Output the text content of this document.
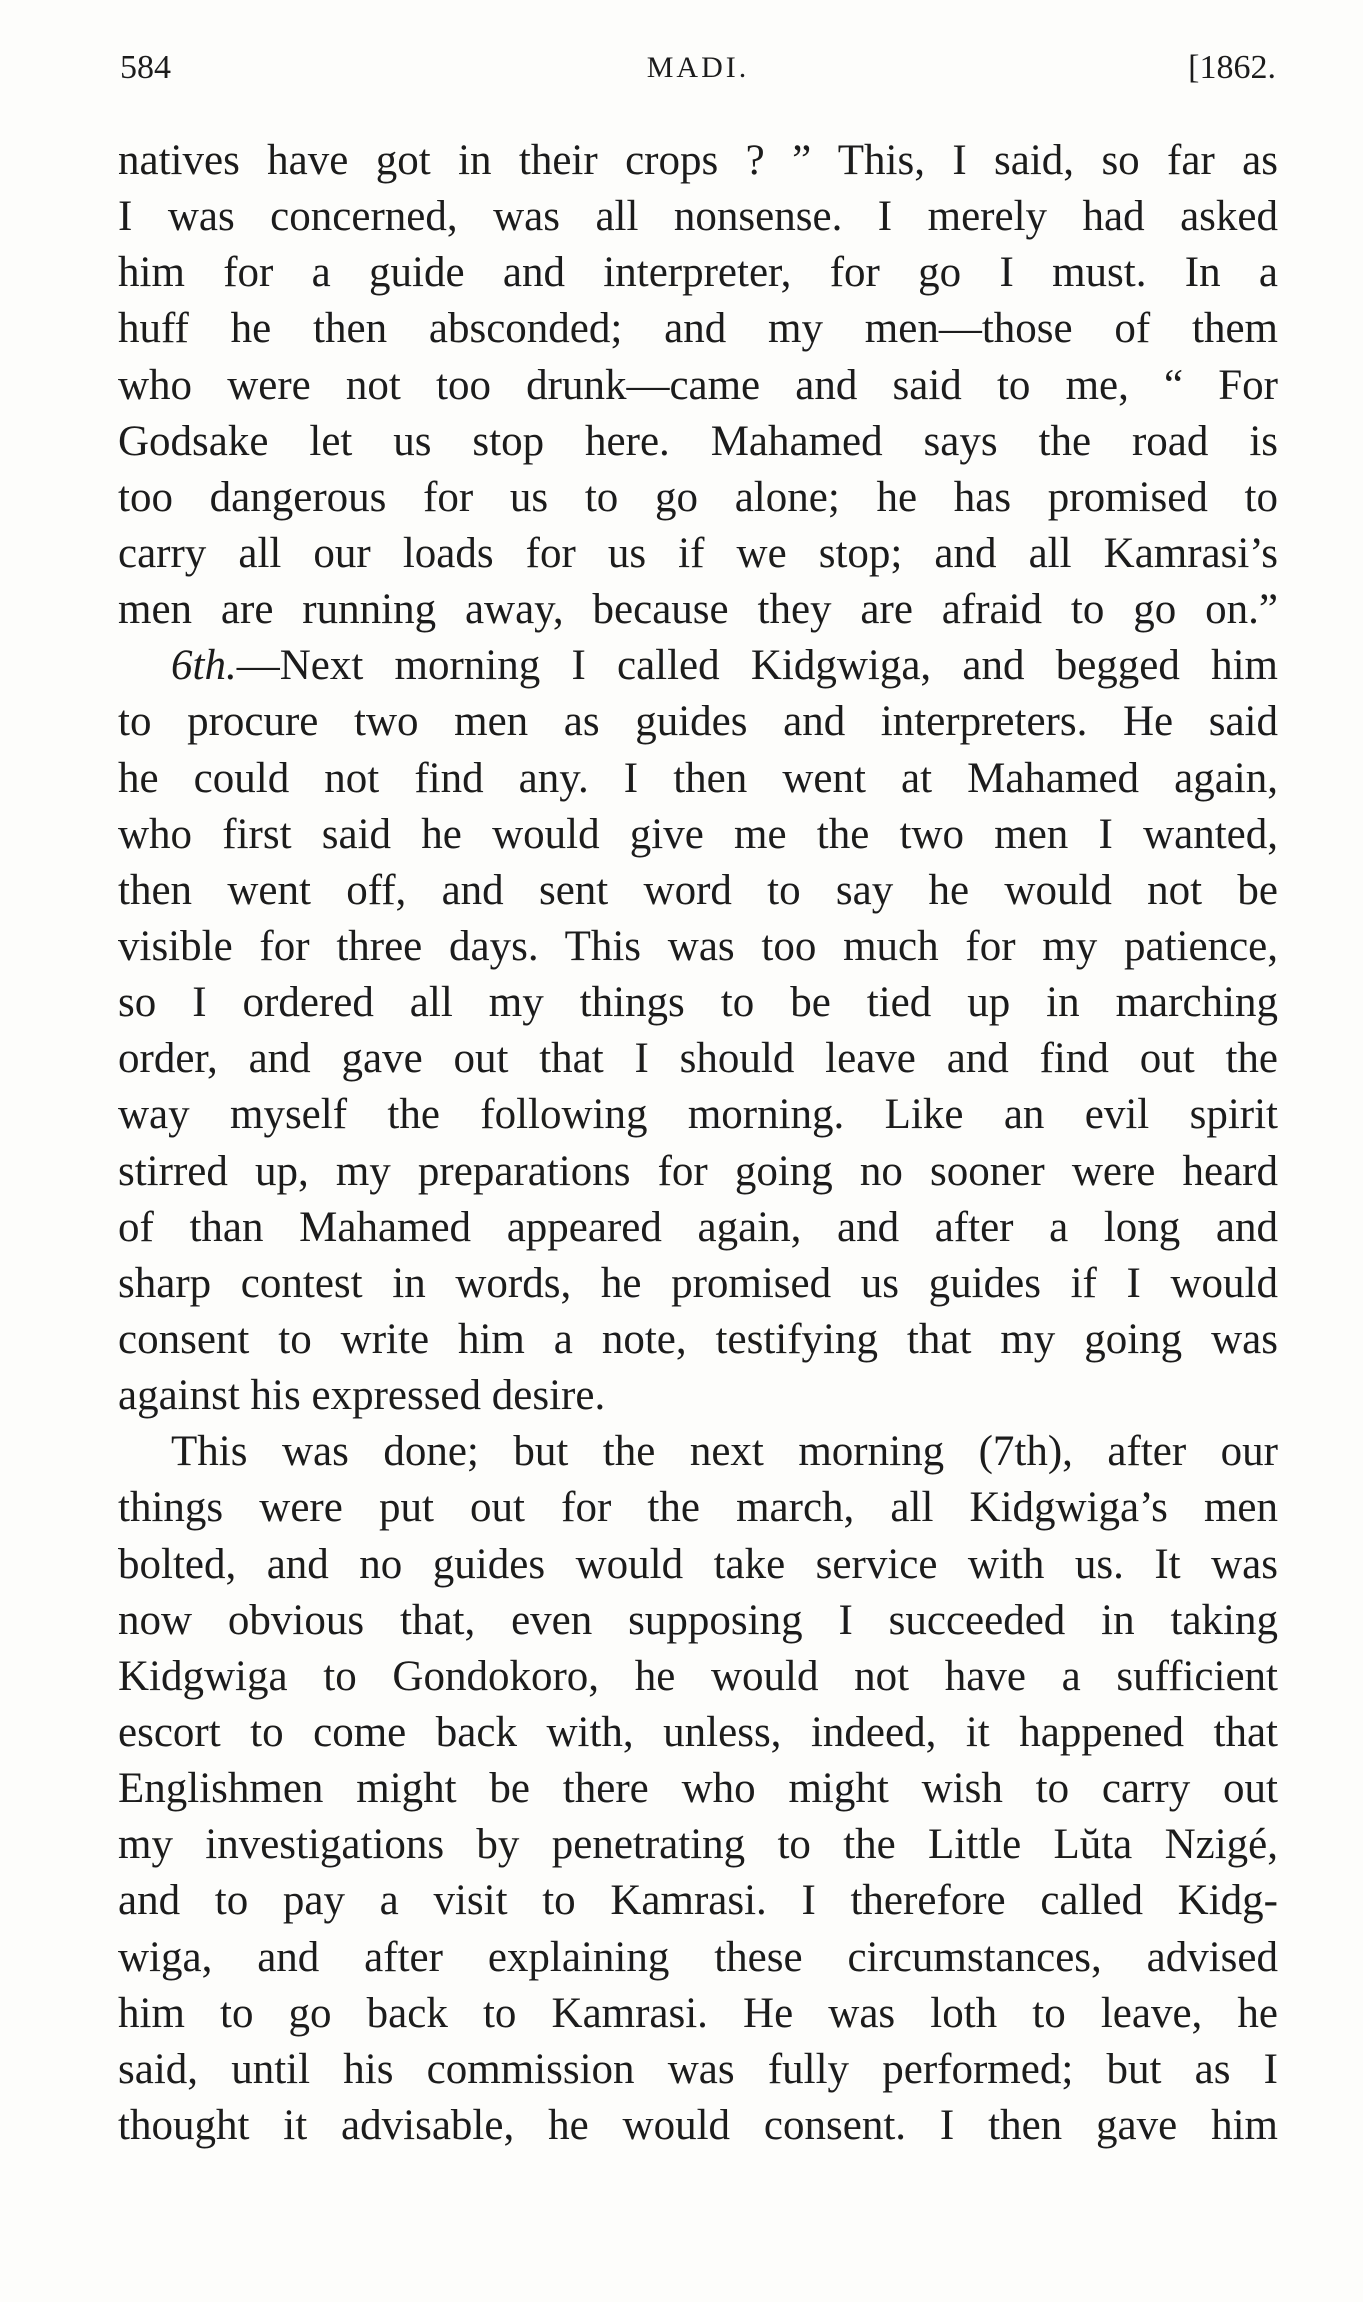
584	MADI.	[1862.
natives have got in their crops ? ” This, I said, so far as
I was concerned, was all nonsense. I merely had asked
him for a guide and interpreter, for go I must. In a
huff he then absconded; and my men—those of them
who were not too drunk—came and said to me, “ For
Godsake let us stop here. Mahamed says the road is
too dangerous for us to go alone; he has promised to
carry all our loads for us if we stop; and all Kamrasi’s
men are running away, because they are afraid to go on.”
6th.—Next morning I called Kidgwiga, and begged him
to procure two men as guides and interpreters. He said
he could not find any. I then went at Mahamed again,
who first said he would give me the two men I wanted,
then went off, and sent word to say he would not be
visible for three days. This was too much for my patience,
so I ordered all my things to be tied up in marching
order, and gave out that I should leave and find out the
way myself the following morning. Like an evil spirit
stirred up, my preparations for going no sooner were heard
of than Mahamed appeared again, and after a long and
sharp contest in words, he promised us guides if I would
consent to write him a note, testifying that my going was
against his expressed desire.
This was done; but the next morning (7th), after our
things were put out for the march, all Kidgwiga’s men
bolted, and no guides would take service with us. It was
now obvious that, even supposing I succeeded in taking
Kidgwiga to Gondokoro, he would not have a sufficient
escort to come back with, unless, indeed, it happened that
Englishmen might be there who might wish to carry out
my investigations by penetrating to the Little Lŭta Nzigé,
and to pay a visit to Kamrasi. I therefore called Kidg-
wiga, and after explaining these circumstances, advised
him to go back to Kamrasi. He was loth to leave, he
said, until his commission was fully performed; but as I
thought it advisable, he would consent. I then gave him
